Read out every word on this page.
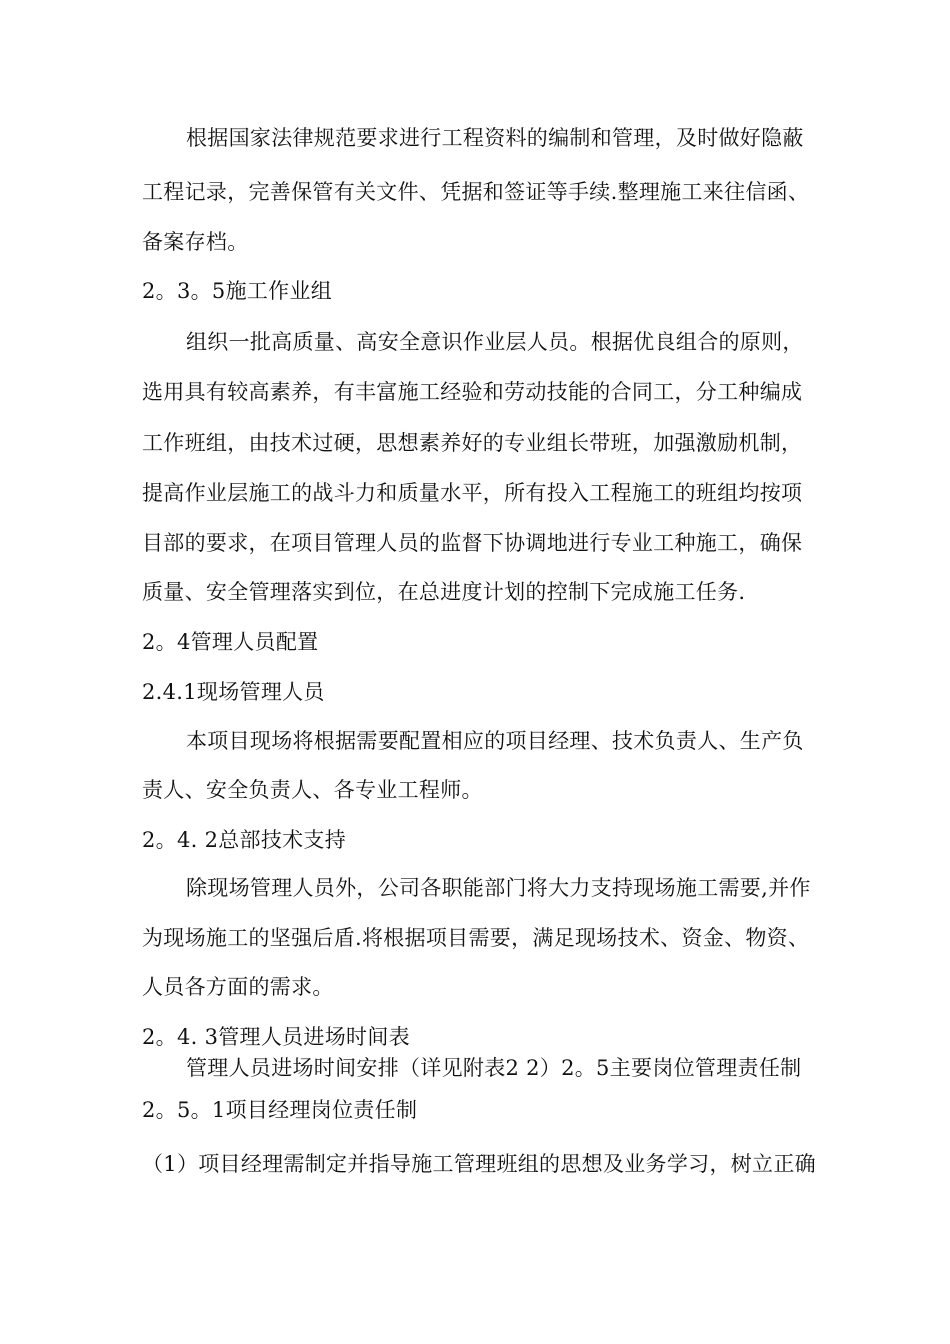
根据国家法律规范要求进行工程资料的编制和管理，及时做好隐蔽
工程记录，完善保管有关文件、凭据和签证等手续.整理施工来往信函、
备案存档。
2。3。5施工作业组
组织一批高质量、高安全意识作业层人员。根据优良组合的原则，
选用具有较高素养，有丰富施工经验和劳动技能的合同工，分工种编成
工作班组，由技术过硬，思想素养好的专业组长带班，加强激励机制，
提高作业层施工的战斗力和质量水平，所有投入工程施工的班组均按项
目部的要求，在项目管理人员的监督下协调地进行专业工种施工，确保
质量、安全管理落实到位，在总进度计划的控制下完成施工任务.
2。4管理人员配置
2.4.1现场管理人员
本项目现场将根据需要配置相应的项目经理、技术负责人、生产负
责人、安全负责人、各专业工程师。
2。4. 2总部技术支持
除现场管理人员外，公司各职能部门将大力支持现场施工需要,并作
为现场施工的坚强后盾.将根据项目需要，满足现场技术、资金、物资、
人员各方面的需求。
2。4. 3管理人员进场时间表
管理人员进场时间安排（详见附表2 2）2。5主要岗位管理责任制
2。5。1项目经理岗位责任制
（1）项目经理需制定并指导施工管理班组的思想及业务学习，树立正确
